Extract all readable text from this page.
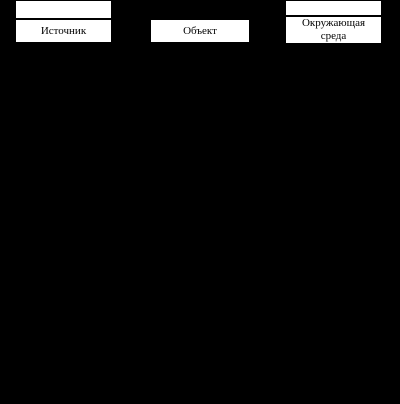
Источник	Объект
Окружающая
среда
